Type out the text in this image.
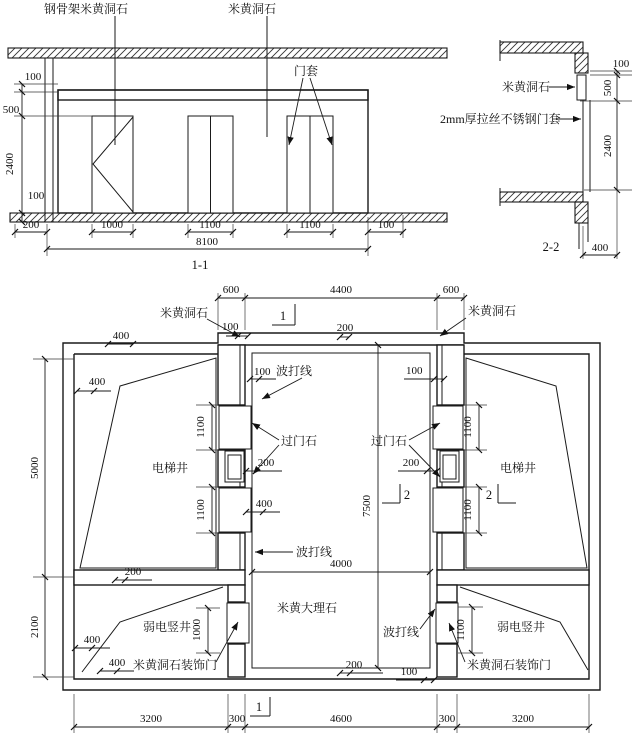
钢骨架米黄洞石	米黄洞石
门套
100
500
2400
100
200	1000	1100	1100	100
8100
1-1
米黄洞石
2mm厚拉丝不锈钢门套
100
500
2400
400
2-2
1
1
2	2
600	4400	600
200
米黄洞石	米黄洞石
100
100
400
400
5000
2100
1100
1100
1100
1100
过门石	过门石
200	200
400	7500
4000
200
100 波打线
波打线
波打线
米黄大理石
电梯井	电梯井
弱电竖井	弱电竖井
1000	1100
米黄洞石装饰门	米黄洞石装饰门
400
400	200
100
3200	300	4600	300	3200
